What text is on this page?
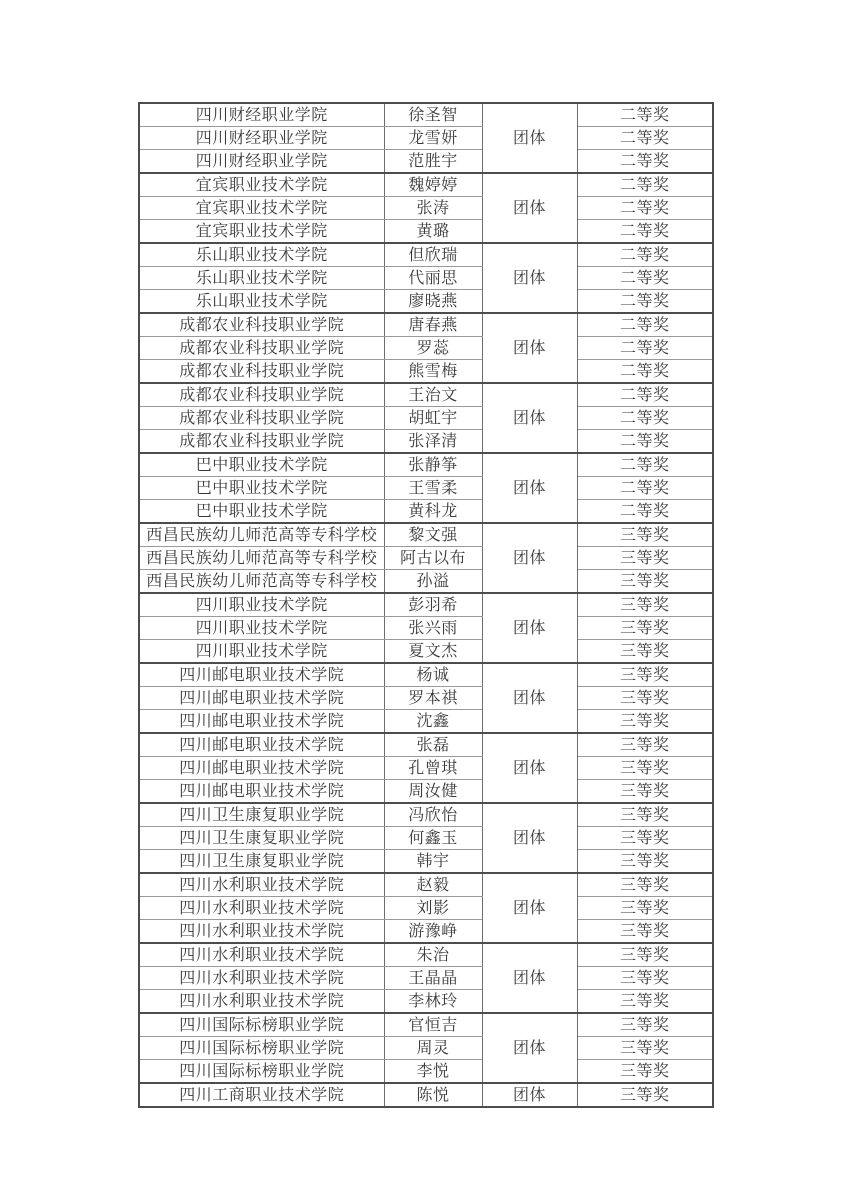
四川财经职业学院	徐圣智	团体	二等奖
四川财经职业学院	龙雪妍		二等奖
四川财经职业学院	范胜宇		二等奖
宜宾职业技术学院	魏婷婷	团体	二等奖
宜宾职业技术学院	张涛		二等奖
宜宾职业技术学院	黄璐		二等奖
乐山职业技术学院	但欣瑞	团体	二等奖
乐山职业技术学院	代丽思		二等奖
乐山职业技术学院	廖晓燕		二等奖
成都农业科技职业学院	唐春燕	团体	二等奖
成都农业科技职业学院	罗蕊		二等奖
成都农业科技职业学院	熊雪梅		二等奖
成都农业科技职业学院	王治文	团体	二等奖
成都农业科技职业学院	胡虹宇		二等奖
成都农业科技职业学院	张泽清		二等奖
巴中职业技术学院	张静筝	团体	二等奖
巴中职业技术学院	王雪柔		二等奖
巴中职业技术学院	黄科龙		二等奖
西昌民族幼儿师范高等专科学校	黎文强	团体	三等奖
西昌民族幼儿师范高等专科学校	阿古以布		三等奖
西昌民族幼儿师范高等专科学校	孙溢		三等奖
四川职业技术学院	彭羽希	团体	三等奖
四川职业技术学院	张兴雨		三等奖
四川职业技术学院	夏文杰		三等奖
四川邮电职业技术学院	杨诚	团体	三等奖
四川邮电职业技术学院	罗本祺		三等奖
四川邮电职业技术学院	沈鑫		三等奖
四川邮电职业技术学院	张磊	团体	三等奖
四川邮电职业技术学院	孔曾琪		三等奖
四川邮电职业技术学院	周汝健		三等奖
四川卫生康复职业学院	冯欣怡	团体	三等奖
四川卫生康复职业学院	何鑫玉		三等奖
四川卫生康复职业学院	韩宇		三等奖
四川水利职业技术学院	赵毅	团体	三等奖
四川水利职业技术学院	刘影		三等奖
四川水利职业技术学院	游豫峥		三等奖
四川水利职业技术学院	朱治	团体	三等奖
四川水利职业技术学院	王晶晶		三等奖
四川水利职业技术学院	李林玲		三等奖
四川国际标榜职业学院	官恒吉	团体	三等奖
四川国际标榜职业学院	周灵		三等奖
四川国际标榜职业学院	李悦		三等奖
四川工商职业技术学院	陈悦	团体	三等奖
